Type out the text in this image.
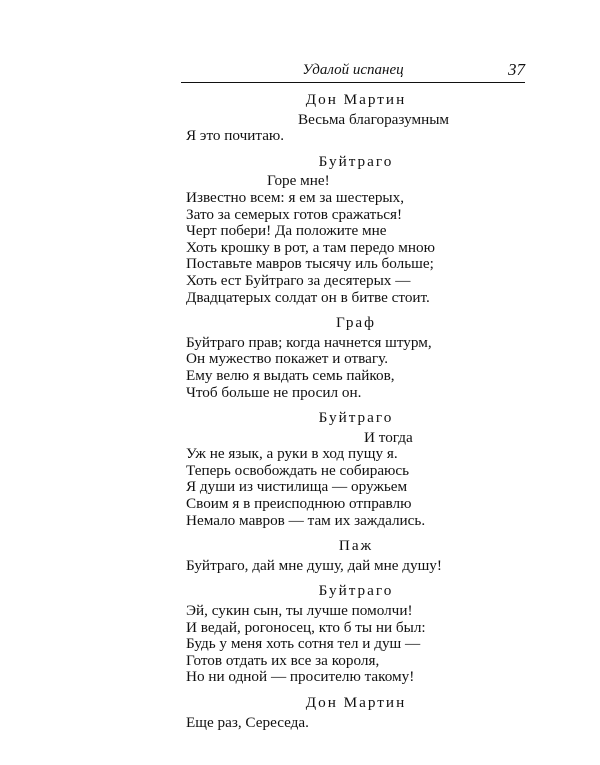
Удалой испанец	37
Дон Мартин
Весьма благоразумным
Я это почитаю.
Буйтраго
Горе мне!
Известно всем: я ем за шестерых,
Зато за семерых готов сражаться!
Черт побери! Да положите мне
Хоть крошку в рот, а там передо мною
Поставьте мавров тысячу иль больше;
Хоть ест Буйтраго за десятерых —
Двадцатерых солдат он в битве стоит.
Граф
Буйтраго прав; когда начнется штурм,
Он мужество покажет и отвагу.
Ему велю я выдать семь пайков,
Чтоб больше не просил он.
Буйтраго
И тогда
Уж не язык, а руки в ход пущу я.
Теперь освобождать не собираюсь
Я души из чистилища — оружьем
Своим я в преисподнюю отправлю
Немало мавров — там их заждались.
Паж
Буйтраго, дай мне душу, дай мне душу!
Буйтраго
Эй, сукин сын, ты лучше помолчи!
И ведай, рогоносец, кто б ты ни был:
Будь у меня хоть сотня тел и душ —
Готов отдать их все за короля,
Но ни одной — просителю такому!
Дон Мартин
Еще раз, Сереседа.
